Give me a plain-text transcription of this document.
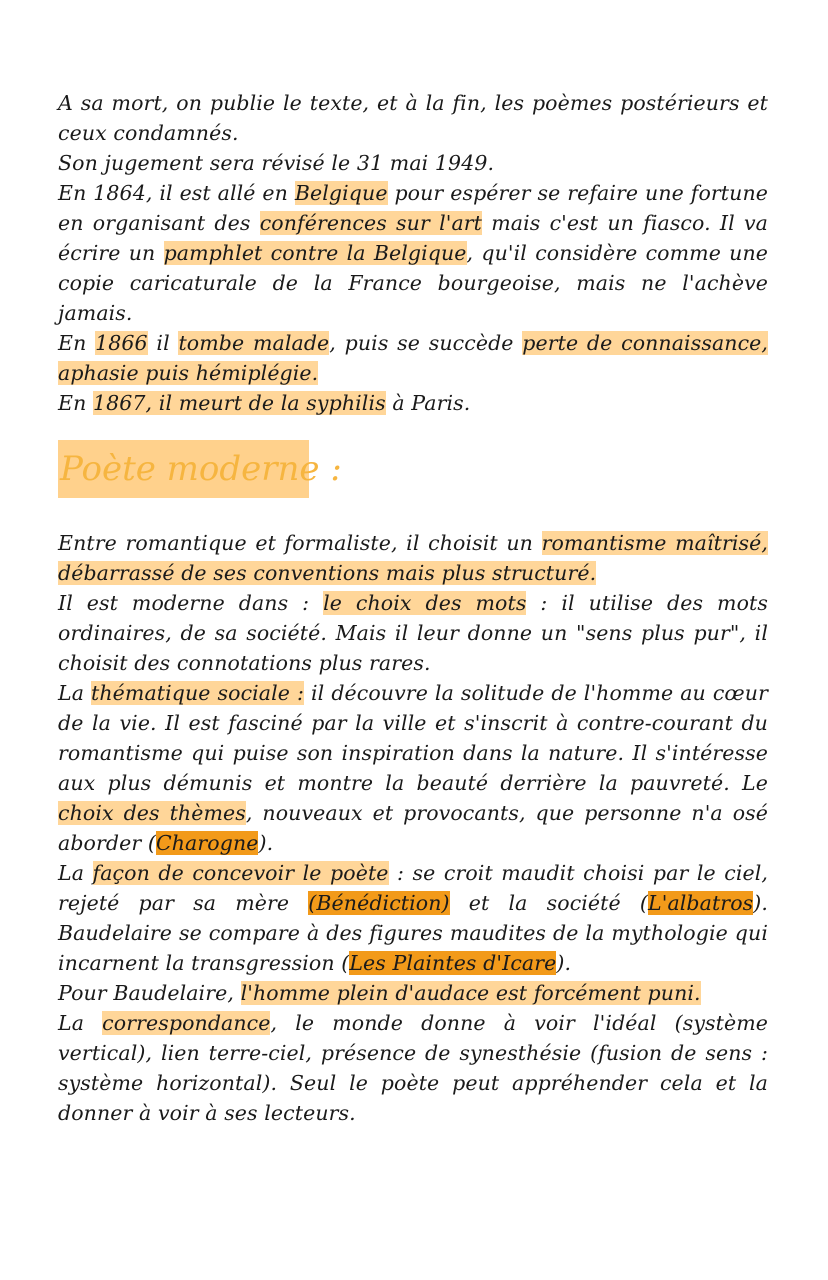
A sa mort, on publie le texte, et à la fin, les poèmes postérieurs et ceux condamnés.

Son jugement sera révisé le 31 mai 1949.

En 1864, il est allé en Belgique pour espérer se refaire une fortune en organisant des conférences sur l'art mais c'est un fiasco. Il va écrire un pamphlet contre la Belgique, qu'il considère comme une copie caricaturale de la France bourgeoise, mais ne l'achève jamais.

En 1866 il tombe malade, puis se succède perte de connaissance, aphasie puis hémiplégie.

En 1867, il meurt de la syphilis à Paris.

Poète moderne :

Entre romantique et formaliste, il choisit un romantisme maîtrisé, débarrassé de ses conventions mais plus structuré.

Il est moderne dans : le choix des mots : il utilise des mots ordinaires, de sa société. Mais il leur donne un "sens plus pur", il choisit des connotations plus rares.

La thématique sociale : il découvre la solitude de l'homme au cœur de la vie. Il est fasciné par la ville et s'inscrit à contre-courant du romantisme qui puise son inspiration dans la nature. Il s'intéresse aux plus démunis et montre la beauté derrière la pauvreté. Le choix des thèmes, nouveaux et provocants, que personne n'a osé aborder (Charogne).

La façon de concevoir le poète : se croit maudit choisi par le ciel, rejeté par sa mère (Bénédiction) et la société (L'albatros). Baudelaire se compare à des figures maudites de la mythologie qui incarnent la transgression (Les Plaintes d'Icare).

Pour Baudelaire, l'homme plein d'audace est forcément puni.

La correspondance, le monde donne à voir l'idéal (système vertical), lien terre-ciel, présence de synesthésie (fusion de sens : système horizontal). Seul le poète peut appréhender cela et la donner à voir à ses lecteurs.
